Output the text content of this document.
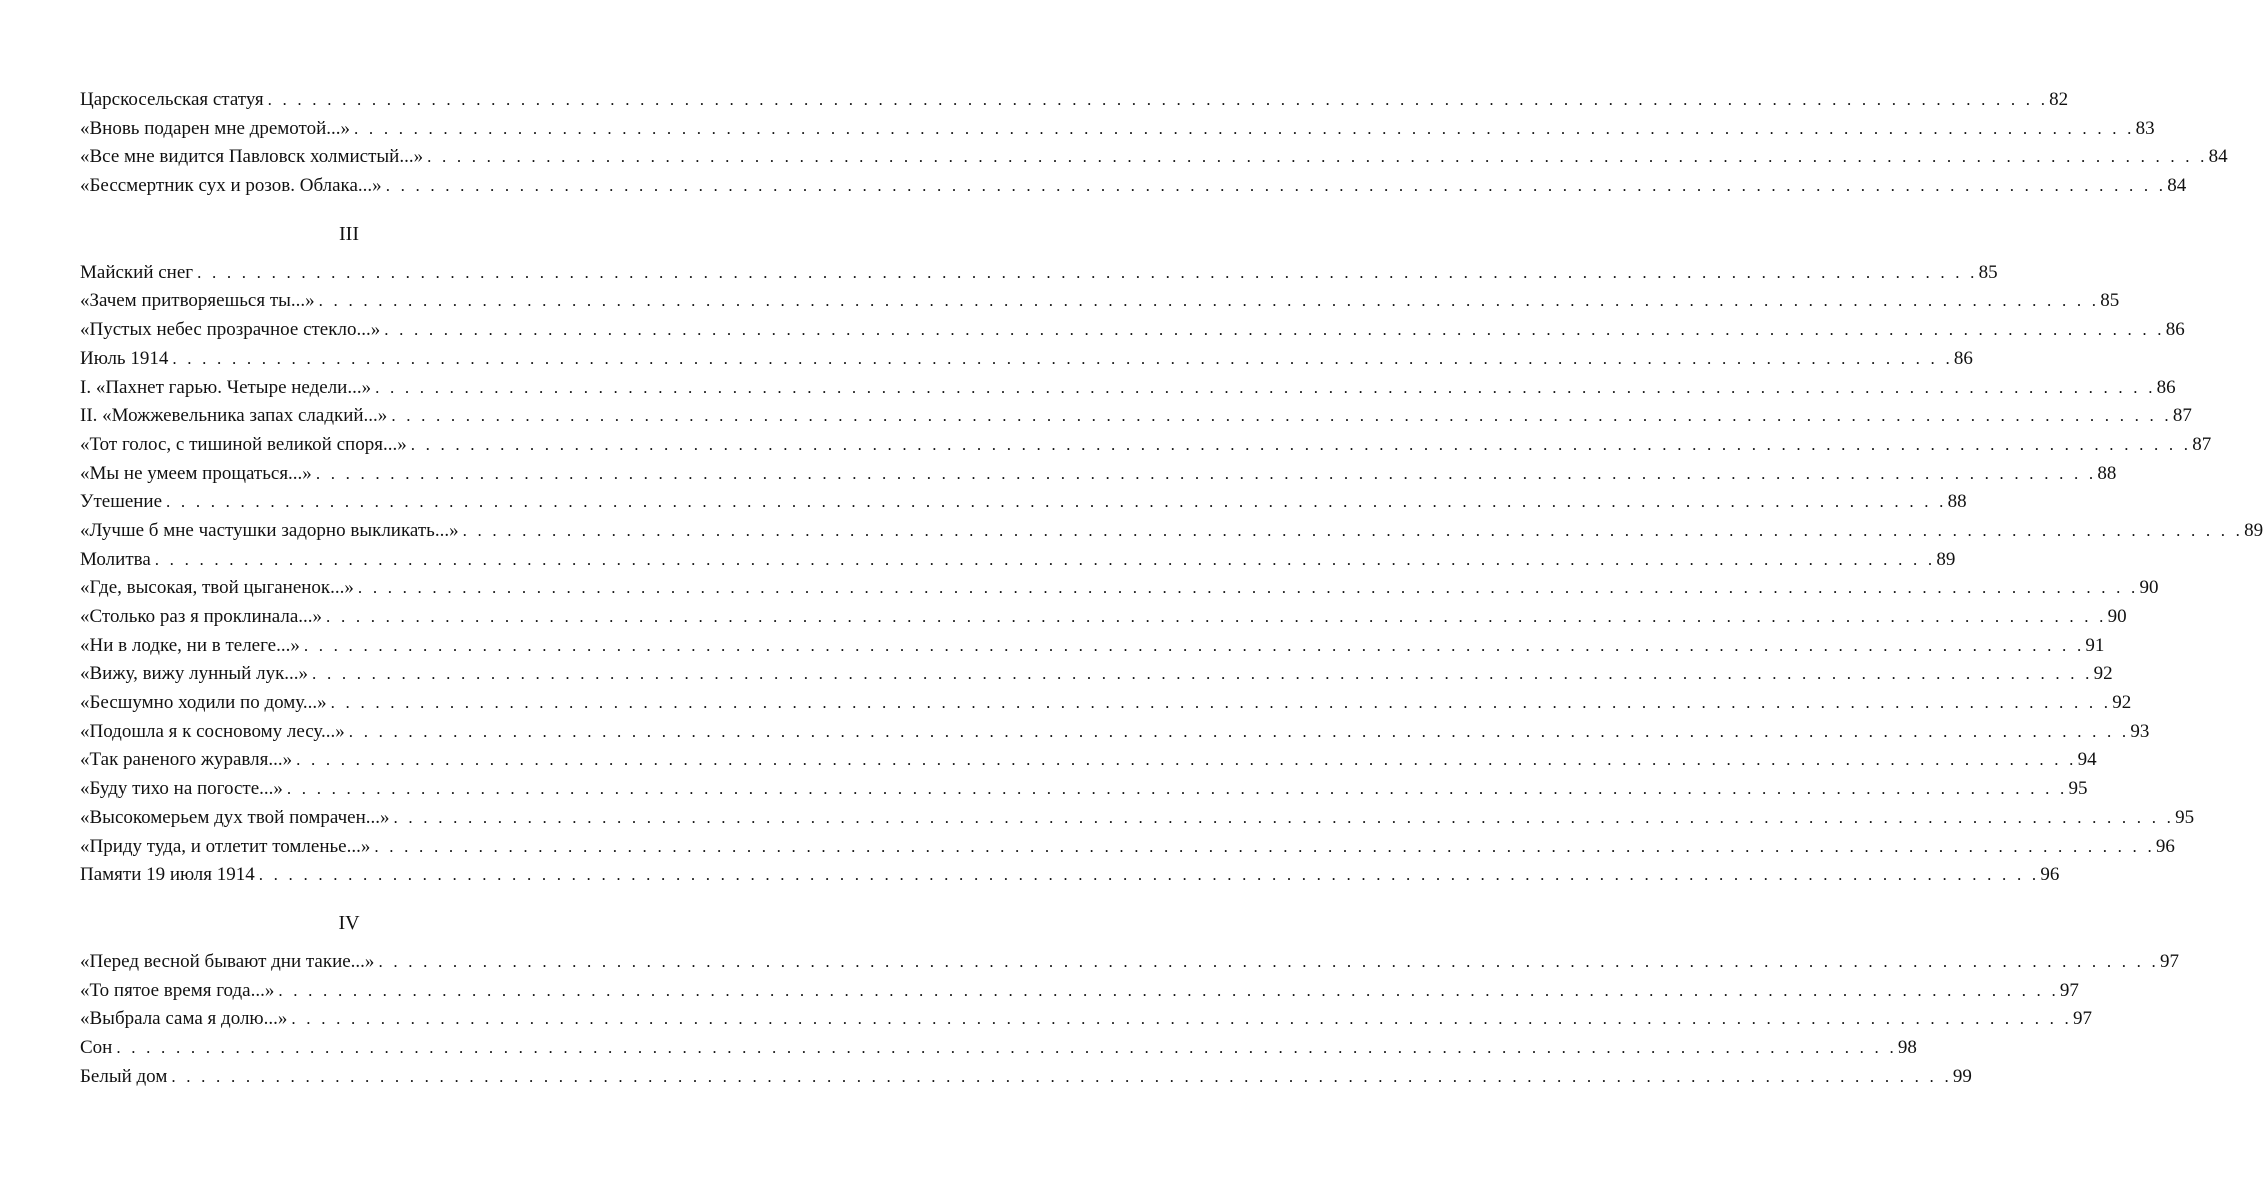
Царскосельская статуя . . . . . . . . . . . . . . . . . . . . . . . . . . . . . . . . . . . . . . . . . . . . . . . . . . . . . . . . . . . . . . . . . . . . . . . . . . . . . . . . . . . . . . . . . . . . . . . . . . . . . . . . . . . . . . . . . . . . . . . . 82
«Вновь подарен мне дремотой...» . . . . . . . . . . . . . . . . . . . . . . . . . . . . . . . . . . . . . . . . . . . . . . . . . . . . . . . . . . . . . . . . . . . . . . . . . . . . . . . . . . . . . . . . . . . . . . . . . . . . . . . . . . . . . . . . . . . . . . . . 83
«Все мне видится Павловск холмистый...» . . . . . . . . . . . . . . . . . . . . . . . . . . . . . . . . . . . . . . . . . . . . . . . . . . . . . . . . . . . . . . . . . . . . . . . . . . . . . . . . . . . . . . . . . . . . . . . . . . . . . . . . . . . . . . . . . . . . . . . . 84
«Бессмертник сух и розов. Облака...» . . . . . . . . . . . . . . . . . . . . . . . . . . . . . . . . . . . . . . . . . . . . . . . . . . . . . . . . . . . . . . . . . . . . . . . . . . . . . . . . . . . . . . . . . . . . . . . . . . . . . . . . . . . . . . . . . . . . . . . . 84
III
Майский снег . . . . . . . . . . . . . . . . . . . . . . . . . . . . . . . . . . . . . . . . . . . . . . . . . . . . . . . . . . . . . . . . . . . . . . . . . . . . . . . . . . . . . . . . . . . . . . . . . . . . . . . . . . . . . . . . . . . . . . . . 85
«Зачем притворяешься ты...» . . . . . . . . . . . . . . . . . . . . . . . . . . . . . . . . . . . . . . . . . . . . . . . . . . . . . . . . . . . . . . . . . . . . . . . . . . . . . . . . . . . . . . . . . . . . . . . . . . . . . . . . . . . . . . . . . . . . . . . . 85
«Пустых небес прозрачное стекло...» . . . . . . . . . . . . . . . . . . . . . . . . . . . . . . . . . . . . . . . . . . . . . . . . . . . . . . . . . . . . . . . . . . . . . . . . . . . . . . . . . . . . . . . . . . . . . . . . . . . . . . . . . . . . . . . . . . . . . . . . 86
Июль 1914 . . . . . . . . . . . . . . . . . . . . . . . . . . . . . . . . . . . . . . . . . . . . . . . . . . . . . . . . . . . . . . . . . . . . . . . . . . . . . . . . . . . . . . . . . . . . . . . . . . . . . . . . . . . . . . . . . . . . . . . . 86
I. «Пахнет гарью. Четыре недели...» . . . . . . . . . . . . . . . . . . . . . . . . . . . . . . . . . . . . . . . . . . . . . . . . . . . . . . . . . . . . . . . . . . . . . . . . . . . . . . . . . . . . . . . . . . . . . . . . . . . . . . . . . . . . . . . . . . . . . . . . 86
II. «Можжевельника запах сладкий...» . . . . . . . . . . . . . . . . . . . . . . . . . . . . . . . . . . . . . . . . . . . . . . . . . . . . . . . . . . . . . . . . . . . . . . . . . . . . . . . . . . . . . . . . . . . . . . . . . . . . . . . . . . . . . . . . . . . . . . . . 87
«Тот голос, с тишиной великой споря...» . . . . . . . . . . . . . . . . . . . . . . . . . . . . . . . . . . . . . . . . . . . . . . . . . . . . . . . . . . . . . . . . . . . . . . . . . . . . . . . . . . . . . . . . . . . . . . . . . . . . . . . . . . . . . . . . . . . . . . . . 87
«Мы не умеем прощаться...» . . . . . . . . . . . . . . . . . . . . . . . . . . . . . . . . . . . . . . . . . . . . . . . . . . . . . . . . . . . . . . . . . . . . . . . . . . . . . . . . . . . . . . . . . . . . . . . . . . . . . . . . . . . . . . . . . . . . . . . . 88
Утешение . . . . . . . . . . . . . . . . . . . . . . . . . . . . . . . . . . . . . . . . . . . . . . . . . . . . . . . . . . . . . . . . . . . . . . . . . . . . . . . . . . . . . . . . . . . . . . . . . . . . . . . . . . . . . . . . . . . . . . . . 88
«Лучше б мне частушки задорно выкликать...» . . . . . . . . . . . . . . . . . . . . . . . . . . . . . . . . . . . . . . . . . . . . . . . . . . . . . . . . . . . . . . . . . . . . . . . . . . . . . . . . . . . . . . . . . . . . . . . . . . . . . . . . . . . . . . . . . . . . . . . . 89
Молитва . . . . . . . . . . . . . . . . . . . . . . . . . . . . . . . . . . . . . . . . . . . . . . . . . . . . . . . . . . . . . . . . . . . . . . . . . . . . . . . . . . . . . . . . . . . . . . . . . . . . . . . . . . . . . . . . . . . . . . . . 89
«Где, высокая, твой цыганенок...» . . . . . . . . . . . . . . . . . . . . . . . . . . . . . . . . . . . . . . . . . . . . . . . . . . . . . . . . . . . . . . . . . . . . . . . . . . . . . . . . . . . . . . . . . . . . . . . . . . . . . . . . . . . . . . . . . . . . . . . . 90
«Столько раз я проклинала...» . . . . . . . . . . . . . . . . . . . . . . . . . . . . . . . . . . . . . . . . . . . . . . . . . . . . . . . . . . . . . . . . . . . . . . . . . . . . . . . . . . . . . . . . . . . . . . . . . . . . . . . . . . . . . . . . . . . . . . . . 90
«Ни в лодке, ни в телеге...» . . . . . . . . . . . . . . . . . . . . . . . . . . . . . . . . . . . . . . . . . . . . . . . . . . . . . . . . . . . . . . . . . . . . . . . . . . . . . . . . . . . . . . . . . . . . . . . . . . . . . . . . . . . . . . . . . . . . . . . . 91
«Вижу, вижу лунный лук...» . . . . . . . . . . . . . . . . . . . . . . . . . . . . . . . . . . . . . . . . . . . . . . . . . . . . . . . . . . . . . . . . . . . . . . . . . . . . . . . . . . . . . . . . . . . . . . . . . . . . . . . . . . . . . . . . . . . . . . . . 92
«Бесшумно ходили по дому...» . . . . . . . . . . . . . . . . . . . . . . . . . . . . . . . . . . . . . . . . . . . . . . . . . . . . . . . . . . . . . . . . . . . . . . . . . . . . . . . . . . . . . . . . . . . . . . . . . . . . . . . . . . . . . . . . . . . . . . . . 92
«Подошла я к сосновому лесу...» . . . . . . . . . . . . . . . . . . . . . . . . . . . . . . . . . . . . . . . . . . . . . . . . . . . . . . . . . . . . . . . . . . . . . . . . . . . . . . . . . . . . . . . . . . . . . . . . . . . . . . . . . . . . . . . . . . . . . . . . 93
«Так раненого журавля...» . . . . . . . . . . . . . . . . . . . . . . . . . . . . . . . . . . . . . . . . . . . . . . . . . . . . . . . . . . . . . . . . . . . . . . . . . . . . . . . . . . . . . . . . . . . . . . . . . . . . . . . . . . . . . . . . . . . . . . . . 94
«Буду тихо на погосте...» . . . . . . . . . . . . . . . . . . . . . . . . . . . . . . . . . . . . . . . . . . . . . . . . . . . . . . . . . . . . . . . . . . . . . . . . . . . . . . . . . . . . . . . . . . . . . . . . . . . . . . . . . . . . . . . . . . . . . . . . 95
«Высокомерьем дух твой помрачен...» . . . . . . . . . . . . . . . . . . . . . . . . . . . . . . . . . . . . . . . . . . . . . . . . . . . . . . . . . . . . . . . . . . . . . . . . . . . . . . . . . . . . . . . . . . . . . . . . . . . . . . . . . . . . . . . . . . . . . . . . 95
«Приду туда, и отлетит томленье...» . . . . . . . . . . . . . . . . . . . . . . . . . . . . . . . . . . . . . . . . . . . . . . . . . . . . . . . . . . . . . . . . . . . . . . . . . . . . . . . . . . . . . . . . . . . . . . . . . . . . . . . . . . . . . . . . . . . . . . . . 96
Памяти 19 июля 1914 . . . . . . . . . . . . . . . . . . . . . . . . . . . . . . . . . . . . . . . . . . . . . . . . . . . . . . . . . . . . . . . . . . . . . . . . . . . . . . . . . . . . . . . . . . . . . . . . . . . . . . . . . . . . . . . . . . . . . . . . 96
IV
«Перед весной бывают дни такие...» . . . . . . . . . . . . . . . . . . . . . . . . . . . . . . . . . . . . . . . . . . . . . . . . . . . . . . . . . . . . . . . . . . . . . . . . . . . . . . . . . . . . . . . . . . . . . . . . . . . . . . . . . . . . . . . . . . . . . . . . 97
«То пятое время года...» . . . . . . . . . . . . . . . . . . . . . . . . . . . . . . . . . . . . . . . . . . . . . . . . . . . . . . . . . . . . . . . . . . . . . . . . . . . . . . . . . . . . . . . . . . . . . . . . . . . . . . . . . . . . . . . . . . . . . . . . 97
«Выбрала сама я долю...» . . . . . . . . . . . . . . . . . . . . . . . . . . . . . . . . . . . . . . . . . . . . . . . . . . . . . . . . . . . . . . . . . . . . . . . . . . . . . . . . . . . . . . . . . . . . . . . . . . . . . . . . . . . . . . . . . . . . . . . . 97
Сон . . . . . . . . . . . . . . . . . . . . . . . . . . . . . . . . . . . . . . . . . . . . . . . . . . . . . . . . . . . . . . . . . . . . . . . . . . . . . . . . . . . . . . . . . . . . . . . . . . . . . . . . . . . . . . . . . . . . . . . . 98
Белый дом . . . . . . . . . . . . . . . . . . . . . . . . . . . . . . . . . . . . . . . . . . . . . . . . . . . . . . . . . . . . . . . . . . . . . . . . . . . . . . . . . . . . . . . . . . . . . . . . . . . . . . . . . . . . . . . . . . . . . . . . 99
